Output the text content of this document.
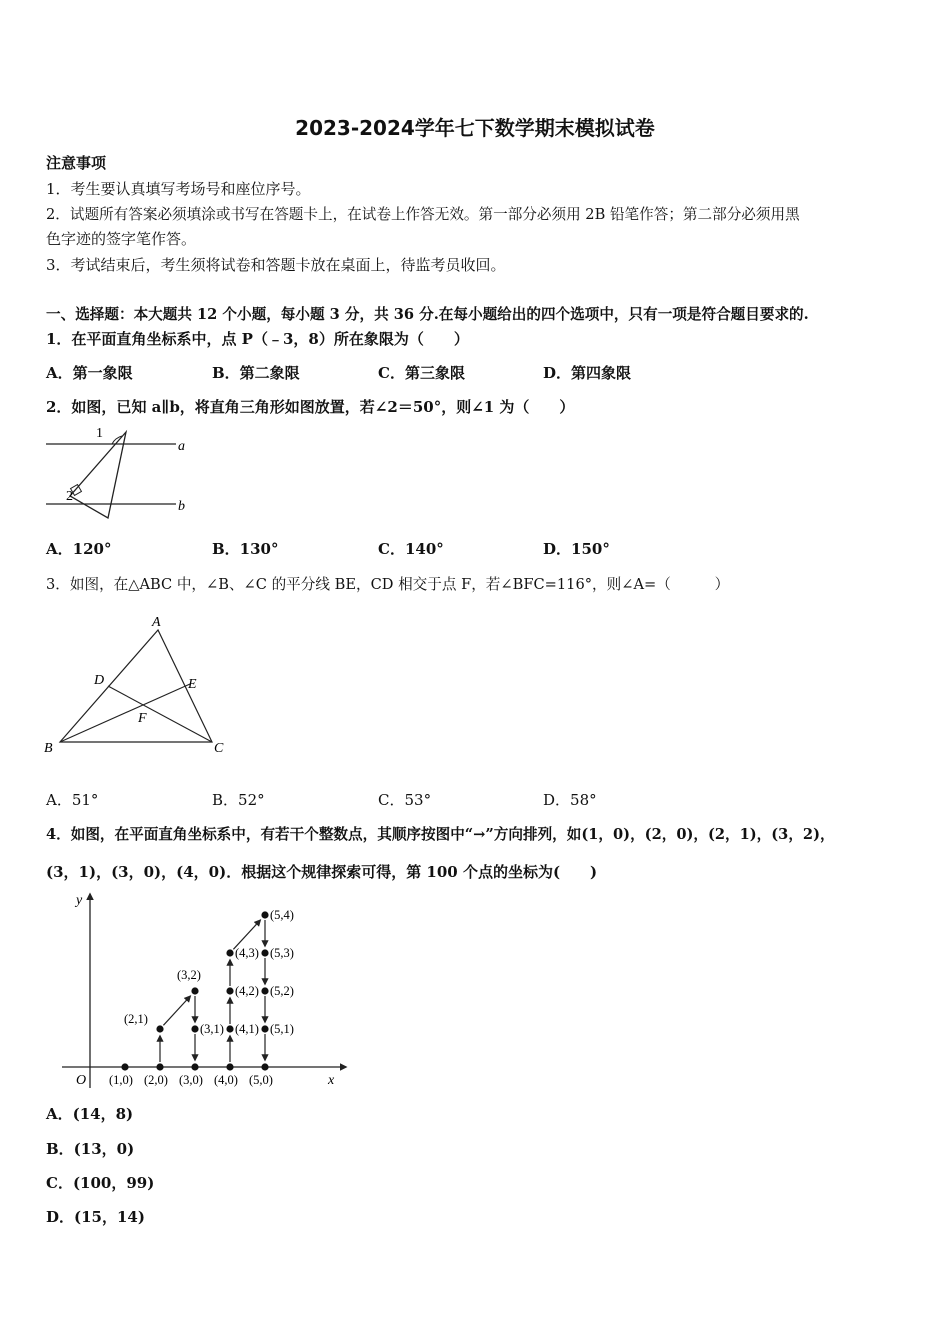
2023-2024学年七下数学期末模拟试卷
注意事项
1．考生要认真填写考场号和座位序号。
2．试题所有答案必须填涂或书写在答题卡上，在试卷上作答无效。第一部分必须用 2B 铅笔作答；第二部分必须用黑
色字迹的签字笔作答。
3．考试结束后，考生须将试卷和答题卡放在桌面上，待监考员收回。
一、选择题：本大题共 12 个小题，每小题 3 分，共 36 分.在每小题给出的四个选项中，只有一项是符合题目要求的.
1．在平面直角坐标系中，点 P（﹣3，8）所在象限为（　　）
A．第一象限	B．第二象限	C．第三象限	D．第四象限
2．如图，已知 a∥b，将直角三角形如图放置，若∠2＝50°，则∠1 为（　　）
1
2
a
b
A．120°	B．130°	C．140°	D．150°
3．如图，在△ABC 中，∠B、∠C 的平分线 BE，CD 相交于点 F，若∠BFC=116°，则∠A=（　　　）
A
B	C
D	E
F
A．51°	B．52°	C．53°	D．58°
4．如图，在平面直角坐标系中，有若干个整数点，其顺序按图中“→”方向排列，如(1，0)，(2，0)，(2，1)，(3，2)，
(3，1)，(3，0)，(4，0)．根据这个规律探索可得，第 100 个点的坐标为(　　)
x
y
O (1,0) (2,0)
(2,1)
(3,2)
(3,1)
(3,0) (4,0)
(4,1)
(4,2)
(4,3)
(5,4)
(5,3)
(5,2)
(5,1)
(5,0)
A．(14，8)
B．(13，0)
C．(100，99)
D．(15，14)
